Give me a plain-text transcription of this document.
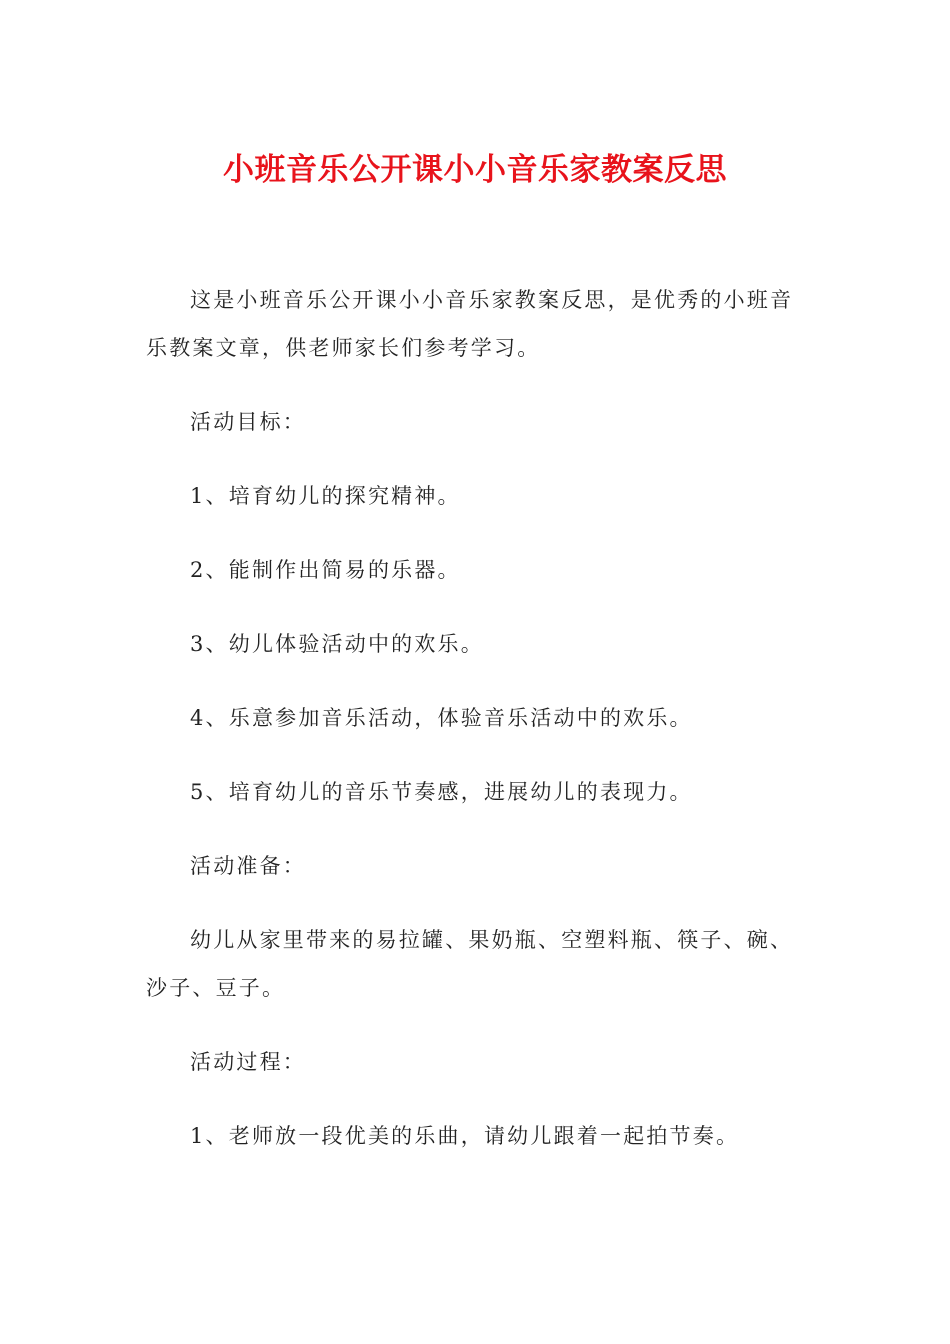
小班音乐公开课小小音乐家教案反思

这是小班音乐公开课小小音乐家教案反思，是优秀的小班音乐教案文章，供老师家长们参考学习。

活动目标：

1、培育幼儿的探究精神。

2、能制作出简易的乐器。

3、幼儿体验活动中的欢乐。

4、乐意参加音乐活动，体验音乐活动中的欢乐。

5、培育幼儿的音乐节奏感，进展幼儿的表现力。

活动准备：

幼儿从家里带来的易拉罐、果奶瓶、空塑料瓶、筷子、碗、沙子、豆子。

活动过程：

1、老师放一段优美的乐曲，请幼儿跟着一起拍节奏。
